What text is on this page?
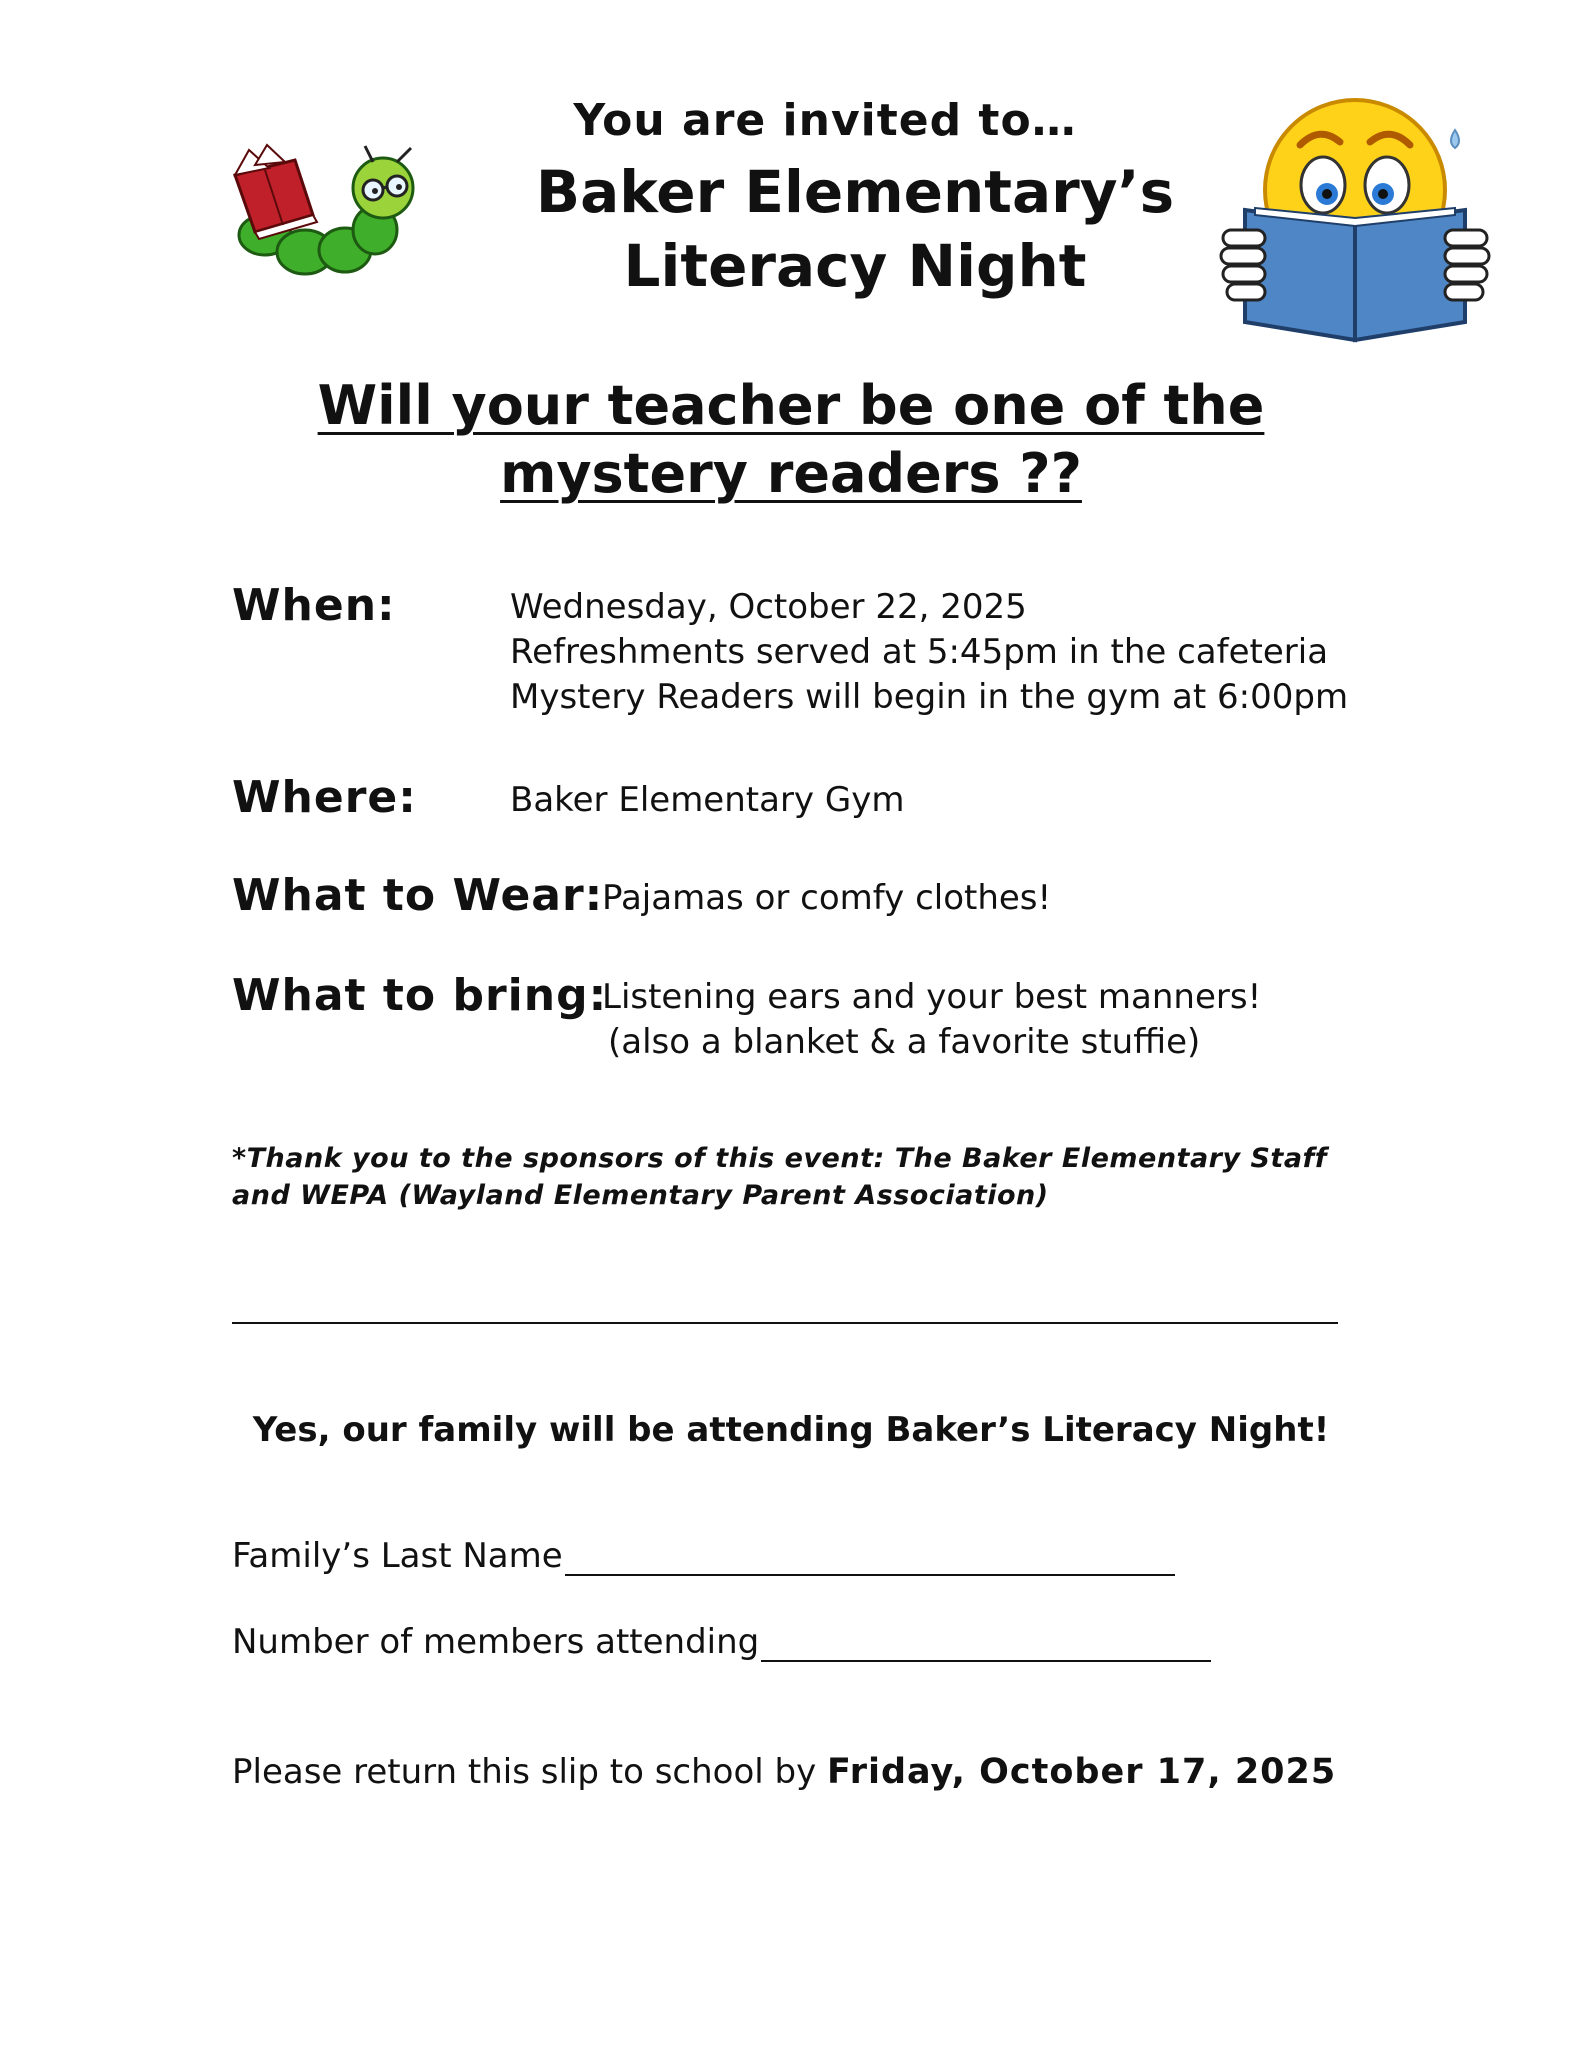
You are invited to…
Baker Elementary’s
Literacy Night
Will your teacher be one of the
mystery readers ??
When:	Wednesday, October 22, 2025
Refreshments served at 5:45pm in the cafeteria
Mystery Readers will begin in the gym at 6:00pm
Where:	Baker Elementary Gym
What to Wear:
Pajamas or comfy clothes!
What to bring:
Listening ears and your best manners!
(also a blanket & a favorite stuffie)
*Thank you to the sponsors of this event: The Baker Elementary Staff and WEPA (Wayland Elementary Parent Association)
Yes, our family will be attending Baker’s Literacy Night!
Family’s Last Name
Number of members attending
Please return this slip to school by Friday, October 17, 2025
